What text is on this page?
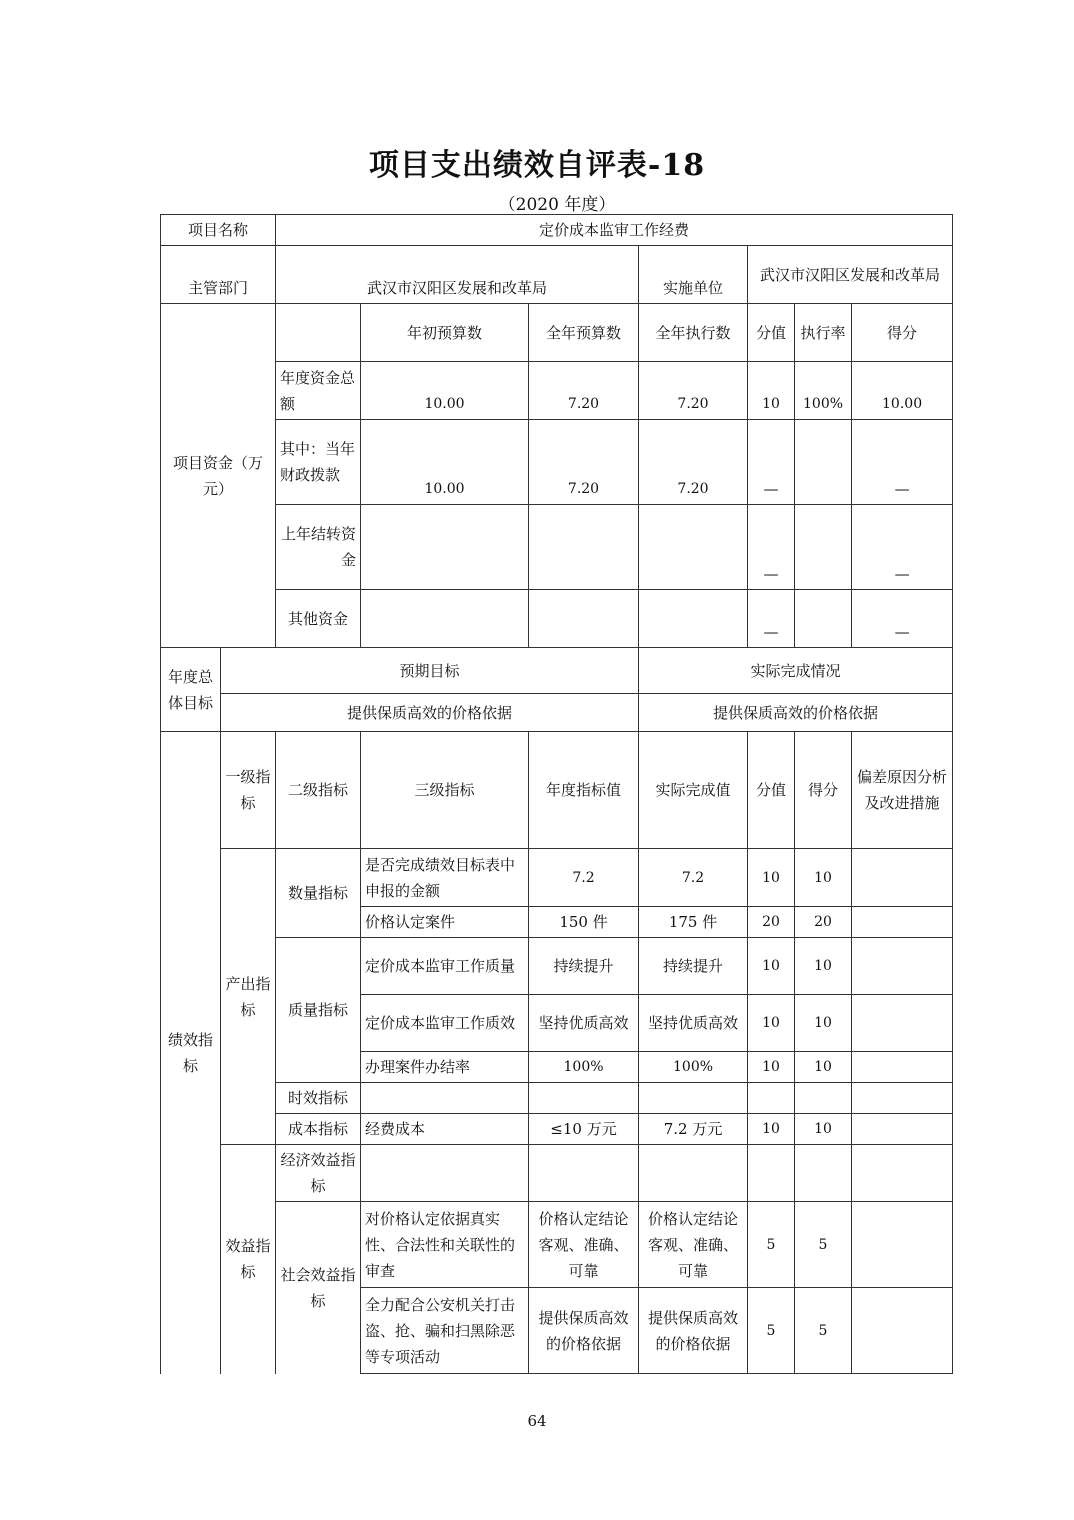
项目支出绩效自评表-18
（2020 年度）
项目名称		定价成本监审工作经费						
主管部门		武汉市汉阳区发展和改革局			实施单位	武汉市汉阳区发展和改革局		
项目资金（万元）			年初预算数	全年预算数	全年执行数	分值	执行率	得分
		年度资金总额	10.00	7.20	7.20	10	100%	10.00
		其中：当年财政拨款	10.00	7.20	7.20	—		—
		上年结转资金				—		—
		其他资金				—		—
年度总体目标	预期目标				实际完成情况			
	提供保质高效的价格依据				提供保质高效的价格依据			
绩效指标	一级指标	二级指标	三级指标	年度指标值	实际完成值	分值	得分	偏差原因分析及改进措施
	产出指标	数量指标	是否完成绩效目标表中申报的金额	7.2	7.2	10	10	
			价格认定案件	150 件	175 件	20	20	
		质量指标	定价成本监审工作质量	持续提升	持续提升	10	10	
			定价成本监审工作质效	坚持优质高效	坚持优质高效	10	10	
			办理案件办结率	100%	100%	10	10	
		时效指标						
		成本指标	经费成本	≤10 万元	7.2 万元	10	10	
	效益指标	经济效益指标						
		社会效益指标	对价格认定依据真实性、合法性和关联性的审查	价格认定结论客观、准确、可靠	价格认定结论客观、准确、可靠	5	5	
			全力配合公安机关打击盗、抢、骗和扫黑除恶等专项活动	提供保质高效的价格依据	提供保质高效的价格依据	5	5	
64
